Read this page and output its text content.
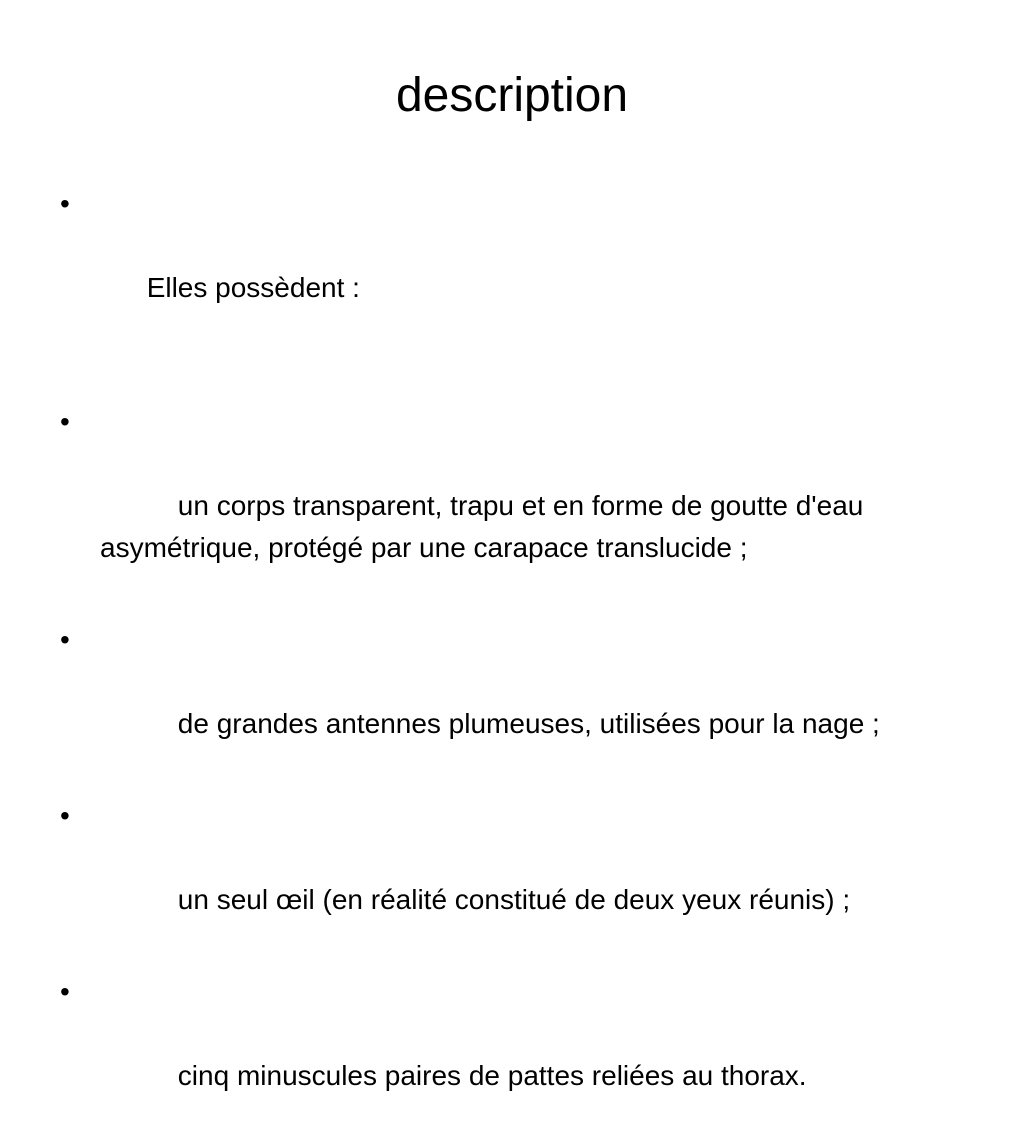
description

•

Elles possèdent :

•

un corps transparent, trapu et en forme de goutte d'eau asymétrique, protégé par une carapace translucide ;

•

de grandes antennes plumeuses, utilisées pour la nage ;

•

un seul œil (en réalité constitué de deux yeux réunis) ;

•

cinq minuscules paires de pattes reliées au thorax.
